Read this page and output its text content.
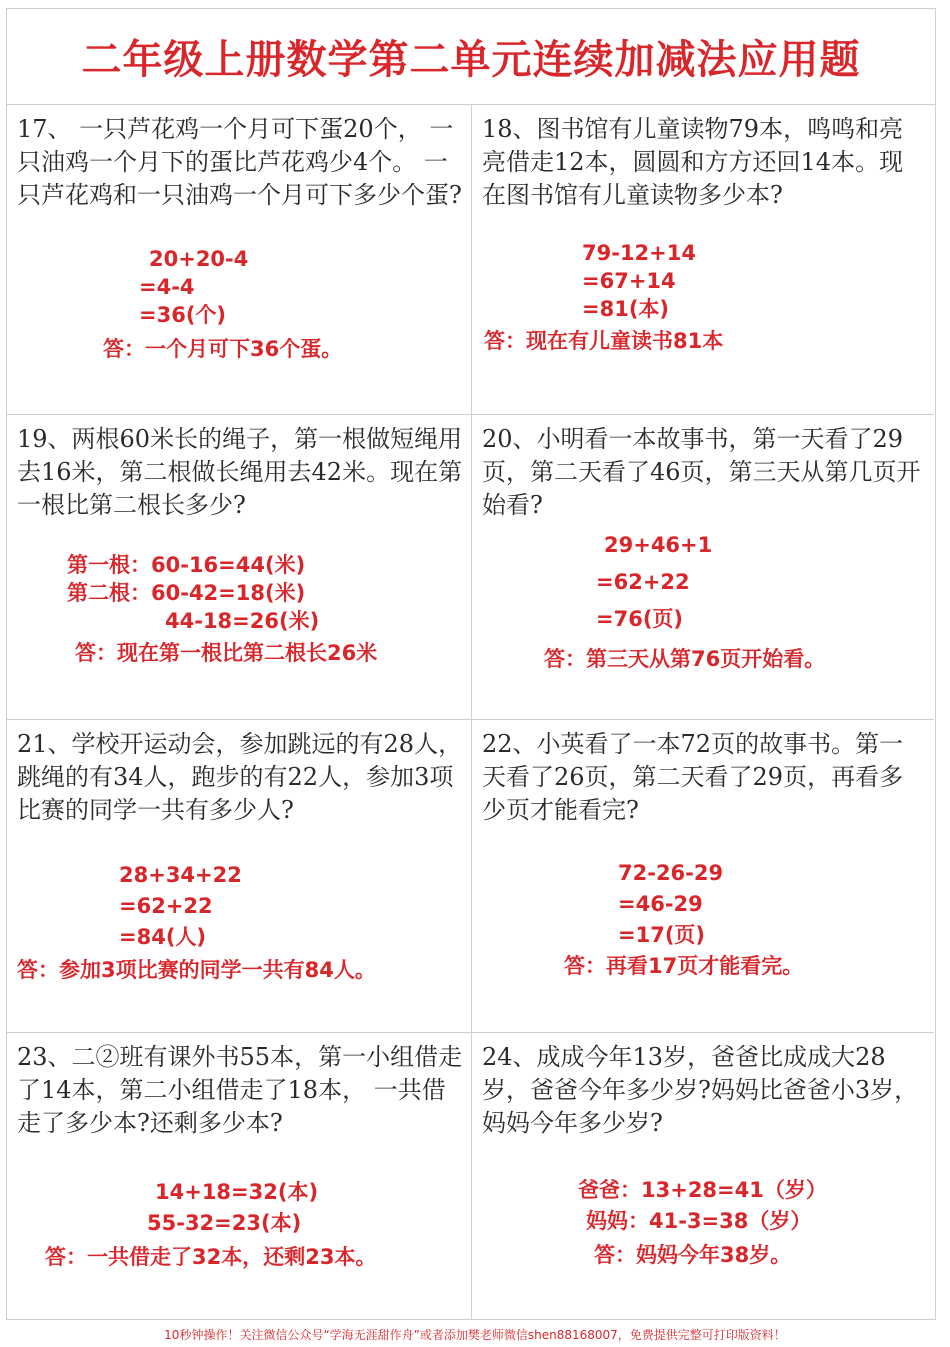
二年级上册数学第二单元连续加减法应用题
17、 一只芦花鸡一个月可下蛋20个， 一只油鸡一个月下的蛋比芦花鸡少4个。 一只芦花鸡和一只油鸡一个月可下多少个蛋?
20+20-4
=4-4
=36(个)
答：一个月可下36个蛋。
18、图书馆有儿童读物79本，鸣鸣和亮亮借走12本，圆圆和方方还回14本。现在图书馆有儿童读物多少本?
79-12+14
=67+14
=81(本)
答：现在有儿童读书81本
19、两根60米长的绳子，第一根做短绳用去16米，第二根做长绳用去42米。现在第一根比第二根长多少?
第一根：60-16=44(米)
第二根：60-42=18(米)
44-18=26(米)
答：现在第一根比第二根长26米
20、小明看一本故事书，第一天看了29页，第二天看了46页，第三天从第几页开始看?
29+46+1
=62+22
=76(页)
答：第三天从第76页开始看。
21、学校开运动会，参加跳远的有28人，跳绳的有34人，跑步的有22人，参加3项比赛的同学一共有多少人?
28+34+22
=62+22
=84(人)
答：参加3项比赛的同学一共有84人。
22、小英看了一本72页的故事书。第一天看了26页，第二天看了29页，再看多少页才能看完?
72-26-29
=46-29
=17(页)
答：再看17页才能看完。
23、二②班有课外书55本，第一小组借走了14本，第二小组借走了18本， 一共借走了多少本?还剩多少本?
14+18=32(本)
55-32=23(本)
答：一共借走了32本，还剩23本。
24、成成今年13岁，爸爸比成成大28岁，爸爸今年多少岁?妈妈比爸爸小3岁，妈妈今年多少岁?
爸爸：13+28=41（岁）
妈妈：41-3=38（岁）
答：妈妈今年38岁。
10秒钟操作！关注微信公众号“学海无涯甜作舟”或者添加樊老师微信shen88168007，免费提供完整可打印版资料！
